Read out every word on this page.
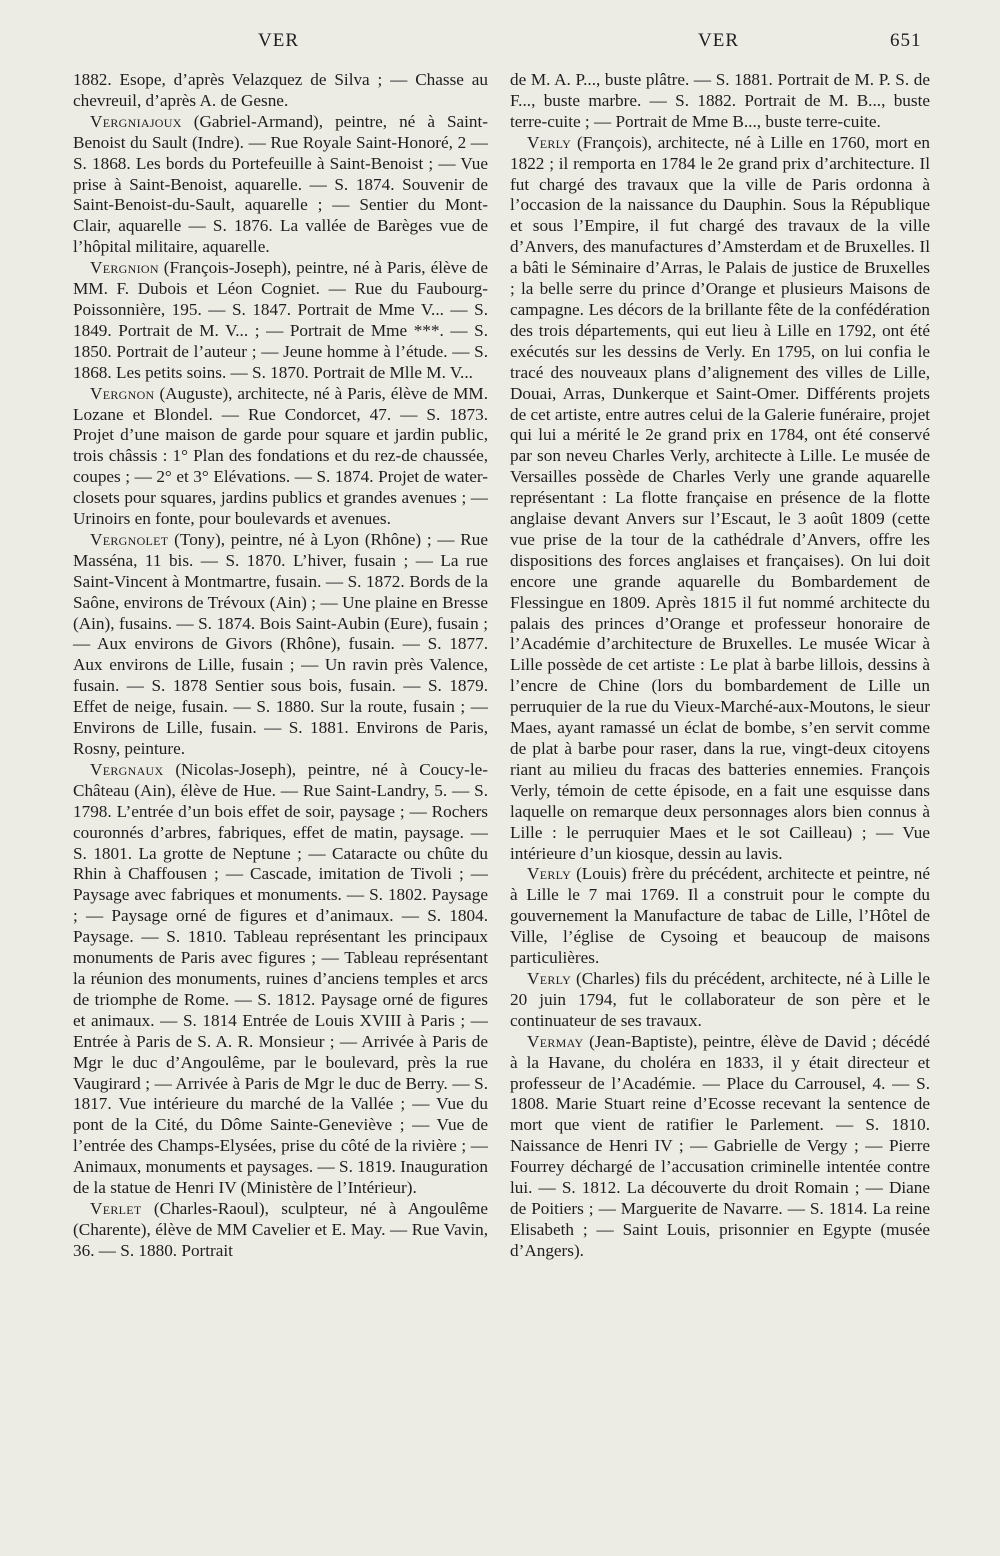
VER	VER	651

1882. Esope, d’après Velazquez de Silva ; — Chasse au chevreuil, d’après A. de Gesne.

Vergniajoux (Gabriel-Armand), peintre, né à Saint-Benoist du Sault (Indre). — Rue Royale Saint-Honoré, 2 — S. 1868. Les bords du Portefeuille à Saint-Benoist ; — Vue prise à Saint-Benoist, aquarelle. — S. 1874. Souvenir de Saint-Benoist-du-Sault, aquarelle ; — Sentier du Mont-Clair, aquarelle — S. 1876. La vallée de Barèges vue de l’hôpital militaire, aquarelle.

Vergnion (François-Joseph), peintre, né à Paris, élève de MM. F. Dubois et Léon Cogniet. — Rue du Faubourg-Poissonnière, 195. — S. 1847. Portrait de Mme V... — S. 1849. Portrait de M. V... ; — Portrait de Mme ***. — S. 1850. Portrait de l’auteur ; — Jeune homme à l’étude. — S. 1868. Les petits soins. — S. 1870. Portrait de Mlle M. V...

Vergnon (Auguste), architecte, né à Paris, élève de MM. Lozane et Blondel. — Rue Condorcet, 47. — S. 1873. Projet d’une maison de garde pour square et jardin public, trois châssis : 1° Plan des fondations et du rez-de chaussée, coupes ; — 2° et 3° Elévations. — S. 1874. Projet de water-closets pour squares, jardins publics et grandes avenues ; — Urinoirs en fonte, pour boulevards et avenues.

Vergnolet (Tony), peintre, né à Lyon (Rhône) ; — Rue Masséna, 11 bis. — S. 1870. L’hiver, fusain ; — La rue Saint-Vincent à Montmartre, fusain. — S. 1872. Bords de la Saône, environs de Trévoux (Ain) ; — Une plaine en Bresse (Ain), fusains. — S. 1874. Bois Saint-Aubin (Eure), fusain ; — Aux environs de Givors (Rhône), fusain. — S. 1877. Aux environs de Lille, fusain ; — Un ravin près Valence, fusain. — S. 1878 Sentier sous bois, fusain. — S. 1879. Effet de neige, fusain. — S. 1880. Sur la route, fusain ; — Environs de Lille, fusain. — S. 1881. Environs de Paris, Rosny, peinture.

Vergnaux (Nicolas-Joseph), peintre, né à Coucy-le-Château (Ain), élève de Hue. — Rue Saint-Landry, 5. — S. 1798. L’entrée d’un bois effet de soir, paysage ; — Rochers couronnés d’arbres, fabriques, effet de matin, paysage. — S. 1801. La grotte de Neptune ; — Cataracte ou chûte du Rhin à Chaffousen ; — Cascade, imitation de Tivoli ; — Paysage avec fabriques et monuments. — S. 1802. Paysage ; — Paysage orné de figures et d’animaux. — S. 1804. Paysage. — S. 1810. Tableau représentant les principaux monuments de Paris avec figures ; — Tableau représentant la réunion des monuments, ruines d’anciens temples et arcs de triomphe de Rome. — S. 1812. Paysage orné de figures et animaux. — S. 1814 Entrée de Louis XVIII à Paris ; — Entrée à Paris de S. A. R. Monsieur ; — Arrivée à Paris de Mgr le duc d’Angoulême, par le boulevard, près la rue Vaugirard ; — Arrivée à Paris de Mgr le duc de Berry. — S. 1817. Vue intérieure du marché de la Vallée ; — Vue du pont de la Cité, du Dôme Sainte-Geneviève ; — Vue de l’entrée des Champs-Elysées, prise du côté de la rivière ; — Animaux, monuments et paysages. — S. 1819. Inauguration de la statue de Henri IV (Ministère de l’Intérieur).

Verlet (Charles-Raoul), sculpteur, né à Angoulême (Charente), élève de MM Cavelier et E. May. — Rue Vavin, 36. — S. 1880. Portrait

de M. A. P..., buste plâtre. — S. 1881. Portrait de M. P. S. de F..., buste marbre. — S. 1882. Portrait de M. B..., buste terre-cuite ; — Portrait de Mme B..., buste terre-cuite.

Verly (François), architecte, né à Lille en 1760, mort en 1822 ; il remporta en 1784 le 2e grand prix d’architecture. Il fut chargé des travaux que la ville de Paris ordonna à l’occasion de la naissance du Dauphin. Sous la République et sous l’Empire, il fut chargé des travaux de la ville d’Anvers, des manufactures d’Amsterdam et de Bruxelles. Il a bâti le Séminaire d’Arras, le Palais de justice de Bruxelles ; la belle serre du prince d’Orange et plusieurs Maisons de campagne. Les décors de la brillante fête de la confédération des trois départements, qui eut lieu à Lille en 1792, ont été exécutés sur les dessins de Verly. En 1795, on lui confia le tracé des nouveaux plans d’alignement des villes de Lille, Douai, Arras, Dunkerque et Saint-Omer. Différents projets de cet artiste, entre autres celui de la Galerie funéraire, projet qui lui a mérité le 2e grand prix en 1784, ont été conservé par son neveu Charles Verly, architecte à Lille. Le musée de Versailles possède de Charles Verly une grande aquarelle représentant : La flotte française en présence de la flotte anglaise devant Anvers sur l’Escaut, le 3 août 1809 (cette vue prise de la tour de la cathédrale d’Anvers, offre les dispositions des forces anglaises et françaises). On lui doit encore une grande aquarelle du Bombardement de Flessingue en 1809. Après 1815 il fut nommé architecte du palais des princes d’Orange et professeur honoraire de l’Académie d’architecture de Bruxelles. Le musée Wicar à Lille possède de cet artiste : Le plat à barbe lillois, dessins à l’encre de Chine (lors du bombardement de Lille un perruquier de la rue du Vieux-Marché-aux-Moutons, le sieur Maes, ayant ramassé un éclat de bombe, s’en servit comme de plat à barbe pour raser, dans la rue, vingt-deux citoyens riant au milieu du fracas des batteries ennemies. François Verly, témoin de cette épisode, en a fait une esquisse dans laquelle on remarque deux personnages alors bien connus à Lille : le perruquier Maes et le sot Cailleau) ; — Vue intérieure d’un kiosque, dessin au lavis.

Verly (Louis) frère du précédent, architecte et peintre, né à Lille le 7 mai 1769. Il a construit pour le compte du gouvernement la Manufacture de tabac de Lille, l’Hôtel de Ville, l’église de Cysoing et beaucoup de maisons particulières.

Verly (Charles) fils du précédent, architecte, né à Lille le 20 juin 1794, fut le collaborateur de son père et le continuateur de ses travaux.

Vermay (Jean-Baptiste), peintre, élève de David ; décédé à la Havane, du choléra en 1833, il y était directeur et professeur de l’Académie. — Place du Carrousel, 4. — S. 1808. Marie Stuart reine d’Ecosse recevant la sentence de mort que vient de ratifier le Parlement. — S. 1810. Naissance de Henri IV ; — Gabrielle de Vergy ; — Pierre Fourrey déchargé de l’accusation criminelle intentée contre lui. — S. 1812. La découverte du droit Romain ; — Diane de Poitiers ; — Marguerite de Navarre. — S. 1814. La reine Elisabeth ; — Saint Louis, prisonnier en Egypte (musée d’Angers).
